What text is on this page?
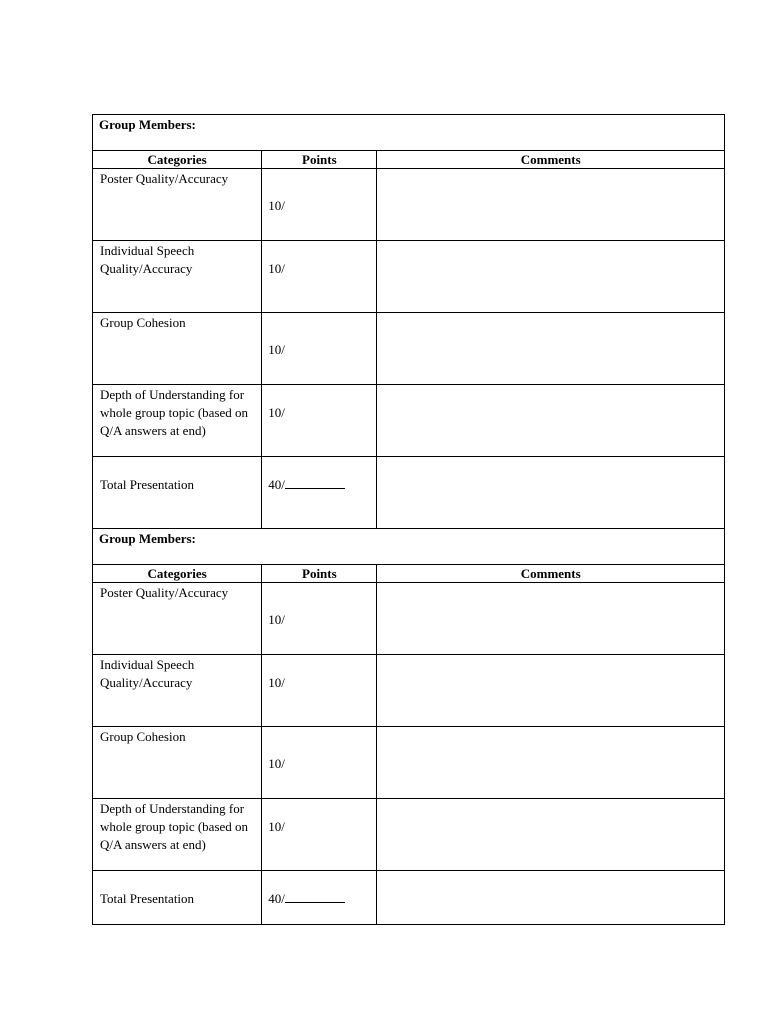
Group Members:		

Categories	Points	Comments

Poster Quality/Accuracy	10/	

Individual Speech Quality/Accuracy	10/	

Group Cohesion	10/	

Depth of Understanding for whole group topic (based on Q/A answers at end)	10/	

Total Presentation	40/	

Group Members:		

Categories	Points	Comments

Poster Quality/Accuracy	10/	

Individual Speech Quality/Accuracy	10/	

Group Cohesion	10/	

Depth of Understanding for whole group topic (based on Q/A answers at end)	10/	

Total Presentation	40/	
